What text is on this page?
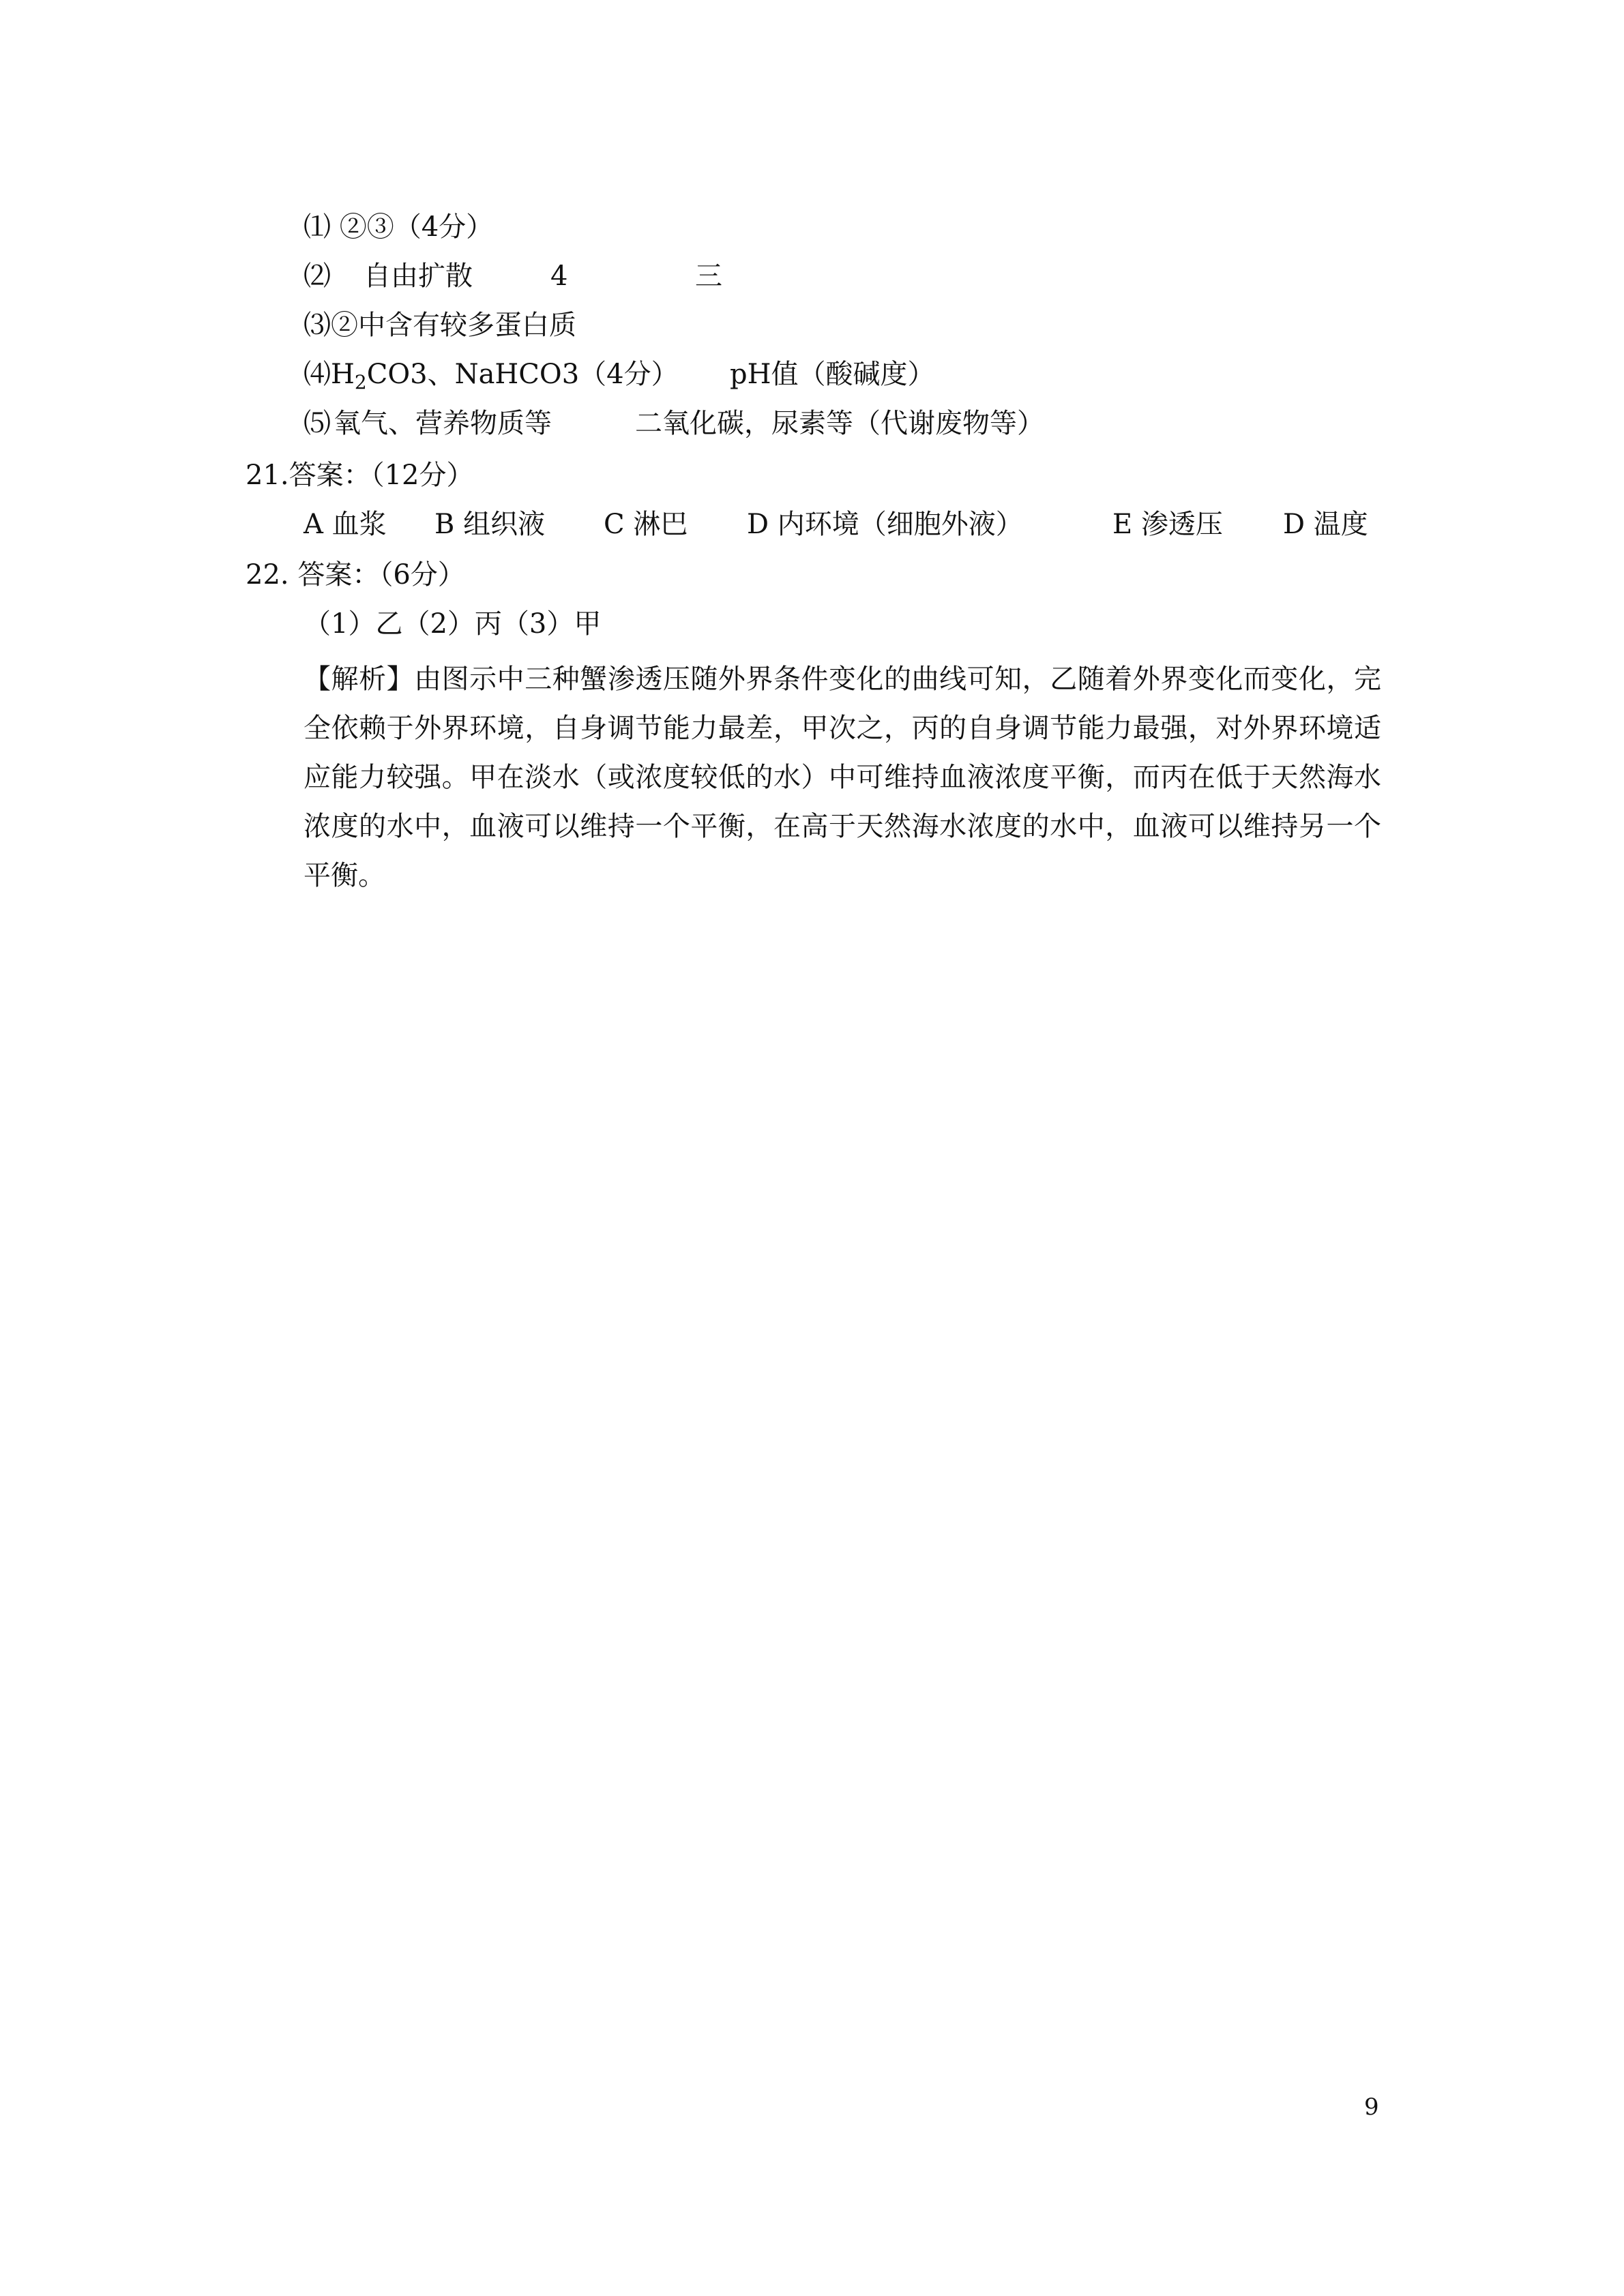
⑴ ②③（4分）
⑵ 自由扩散	4	三
⑶②中含有较多蛋白质
$⑷H_2CO3$、NaHCO3（4分） pH值（酸碱度）
⑸ 氧气、营养物质等	二氧化碳，尿素等（代谢废物等）
21.答案：（12分）
A 血浆 B 组织液 C 淋巴 D 内环境（细胞外液）	E 渗透压 D 温度
22. 答案：（6分）
（1）乙（2）丙（3）甲
【解析】由图示中三种蟹渗透压随外界条件变化的曲线可知，乙随着外界变化而变化，完全依赖于外界环境，自身调节能力最差，甲次之，丙的自身调节能力最强，对外界环境适应能力较强。甲在淡水（或浓度较低的水）中可维持血液浓度平衡，而丙在低于天然海水浓度的水中，血液可以维持一个平衡，在高于天然海水浓度的水中，血液可以维持另一个平衡。
9
